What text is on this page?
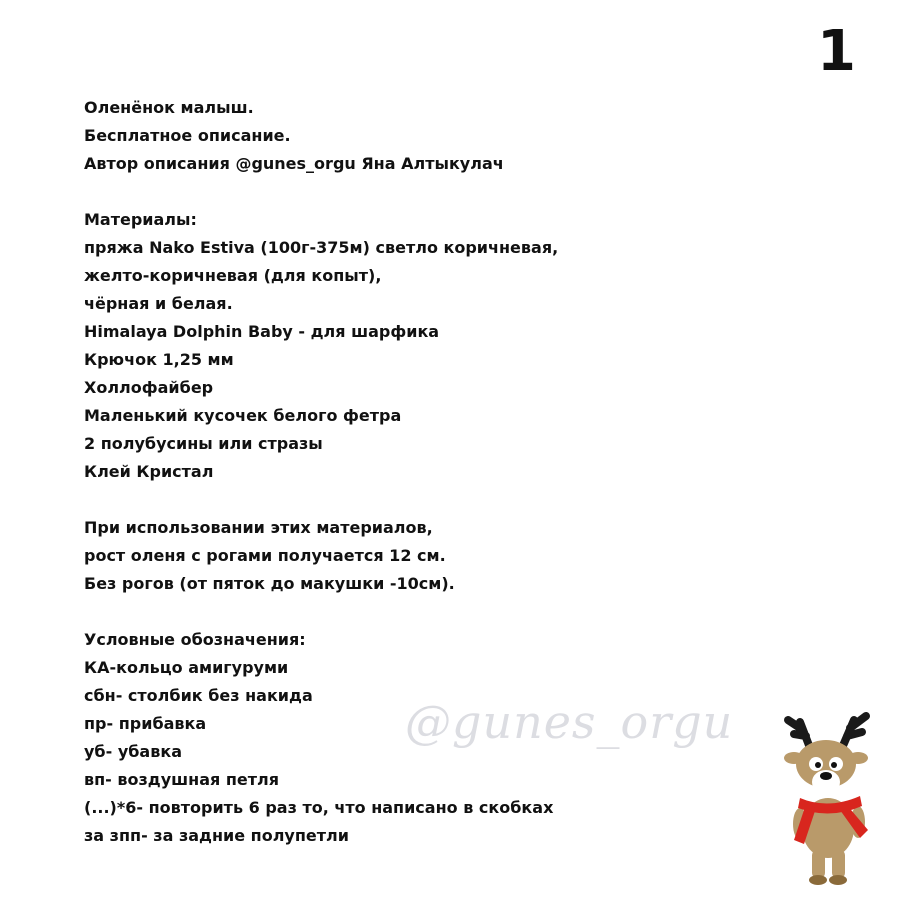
1
Оленёнок малыш.
Бесплатное описание.
Автор описания @gunes_orgu Яна Алтыкулач
Материалы:
пряжа Nako Estiva (100г-375м) светло коричневая,
желто-коричневая (для копыт),
чёрная и белая.
Himalaya Dolphin Baby - для шарфика
Крючок 1,25 мм
Холлофайбер
Маленький кусочек белого фетра
2 полубусины или стразы
Клей Кристал
При использовании этих материалов,
рост оленя с рогами получается 12 см.
Без рогов (от пяток до макушки -10см).
Условные обозначения:
КА-кольцо амигуруми
сбн- столбик без накида
пр- прибавка
уб- убавка
вп- воздушная петля
(...)*6- повторить 6 раз то, что написано в скобках
за зпп- за задние полупетли
@gunes_orgu
